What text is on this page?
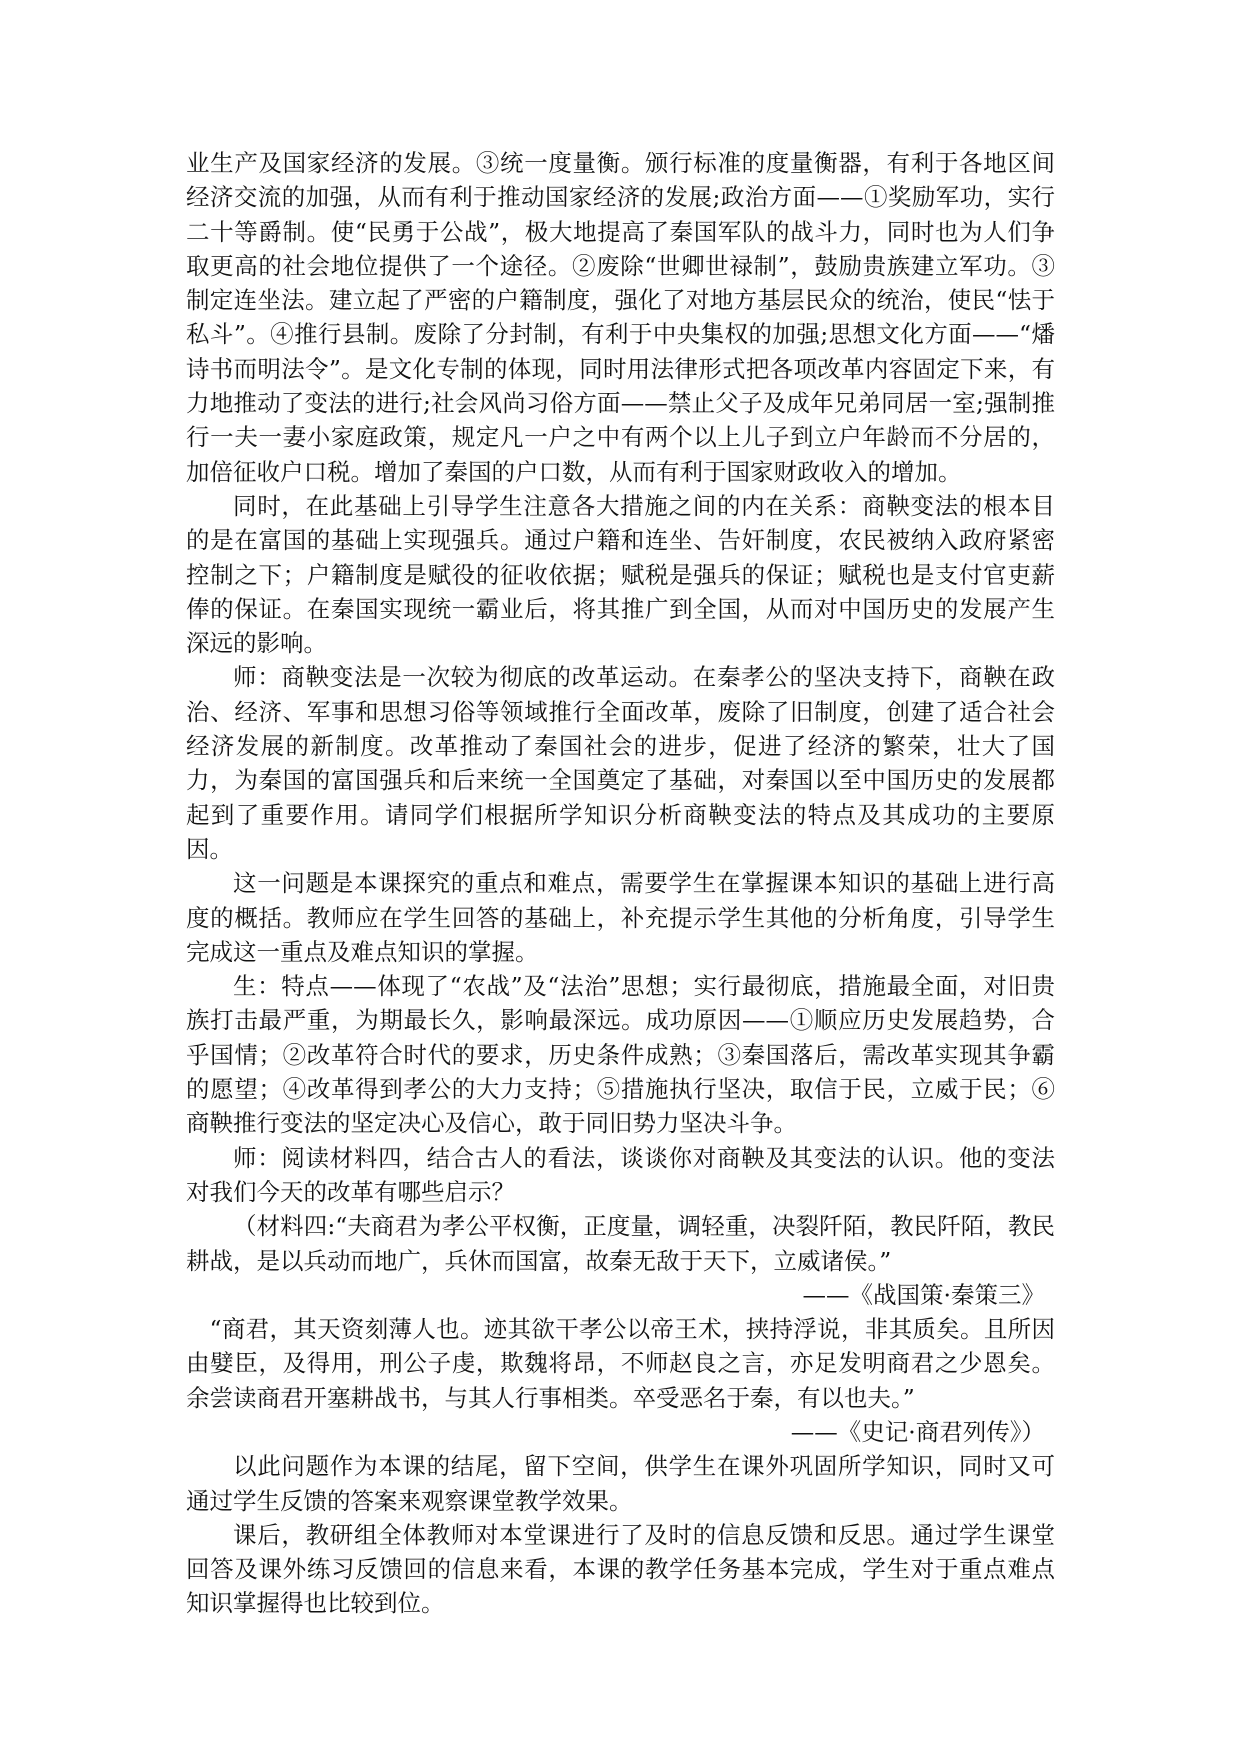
业生产及国家经济的发展。③统一度量衡。颁行标准的度量衡器，有利于各地区间经济交流的加强，从而有利于推动国家经济的发展;政治方面——①奖励军功，实行二十等爵制。使“民勇于公战”，极大地提高了秦国军队的战斗力，同时也为人们争取更高的社会地位提供了一个途径。②废除“世卿世禄制”，鼓励贵族建立军功。③制定连坐法。建立起了严密的户籍制度，强化了对地方基层民众的统治，使民“怯于私斗”。④推行县制。废除了分封制，有利于中央集权的加强;思想文化方面——“燔诗书而明法令”。是文化专制的体现，同时用法律形式把各项改革内容固定下来，有力地推动了变法的进行;社会风尚习俗方面——禁止父子及成年兄弟同居一室;强制推行一夫一妻小家庭政策，规定凡一户之中有两个以上儿子到立户年龄而不分居的，加倍征收户口税。增加了秦国的户口数，从而有利于国家财政收入的增加。

同时，在此基础上引导学生注意各大措施之间的内在关系：商鞅变法的根本目的是在富国的基础上实现强兵。通过户籍和连坐、告奸制度，农民被纳入政府紧密控制之下；户籍制度是赋役的征收依据；赋税是强兵的保证；赋税也是支付官吏薪俸的保证。在秦国实现统一霸业后，将其推广到全国，从而对中国历史的发展产生深远的影响。

师：商鞅变法是一次较为彻底的改革运动。在秦孝公的坚决支持下，商鞅在政治、经济、军事和思想习俗等领域推行全面改革，废除了旧制度，创建了适合社会经济发展的新制度。改革推动了秦国社会的进步，促进了经济的繁荣，壮大了国力，为秦国的富国强兵和后来统一全国奠定了基础，对秦国以至中国历史的发展都起到了重要作用。请同学们根据所学知识分析商鞅变法的特点及其成功的主要原因。

这一问题是本课探究的重点和难点，需要学生在掌握课本知识的基础上进行高度的概括。教师应在学生回答的基础上，补充提示学生其他的分析角度，引导学生完成这一重点及难点知识的掌握。

生：特点——体现了“农战”及“法治”思想；实行最彻底，措施最全面，对旧贵族打击最严重，为期最长久，影响最深远。成功原因——①顺应历史发展趋势，合乎国情；②改革符合时代的要求，历史条件成熟；③秦国落后，需改革实现其争霸的愿望；④改革得到孝公的大力支持；⑤措施执行坚决，取信于民，立威于民；⑥商鞅推行变法的坚定决心及信心，敢于同旧势力坚决斗争。

师：阅读材料四，结合古人的看法，谈谈你对商鞅及其变法的认识。他的变法对我们今天的改革有哪些启示？

（材料四:“夫商君为孝公平权衡，正度量，调轻重，决裂阡陌，教民阡陌，教民耕战，是以兵动而地广，兵休而国富，故秦无敌于天下，立威诸侯。”

——《战国策·秦策三》

“商君，其天资刻薄人也。迹其欲干孝公以帝王术，挟持浮说，非其质矣。且所因由嬖臣，及得用，刑公子虔，欺魏将昂，不师赵良之言，亦足发明商君之少恩矣。余尝读商君开塞耕战书，与其人行事相类。卒受恶名于秦，有以也夫。”

——《史记·商君列传》）

以此问题作为本课的结尾，留下空间，供学生在课外巩固所学知识，同时又可通过学生反馈的答案来观察课堂教学效果。

课后，教研组全体教师对本堂课进行了及时的信息反馈和反思。通过学生课堂回答及课外练习反馈回的信息来看，本课的教学任务基本完成，学生对于重点难点知识掌握得也比较到位。
